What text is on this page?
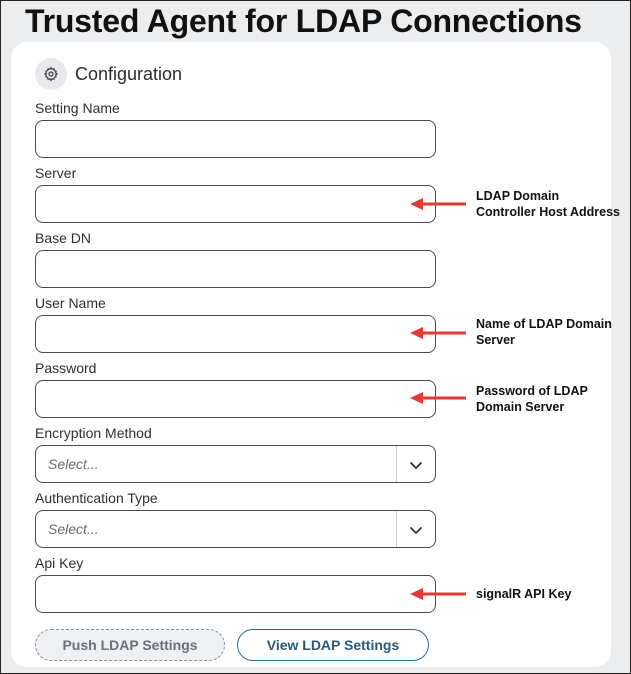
Trusted Agent for LDAP Connections
Configuration
Setting Name
Server
Base DN
User Name
Password
Encryption Method
Select...
Authentication Type
Select...
Api Key
Push LDAP Settings	View LDAP Settings
LDAP Domain
Controller Host Address
Name of LDAP Domain
Server
Password of LDAP
Domain Server
signalR API Key
